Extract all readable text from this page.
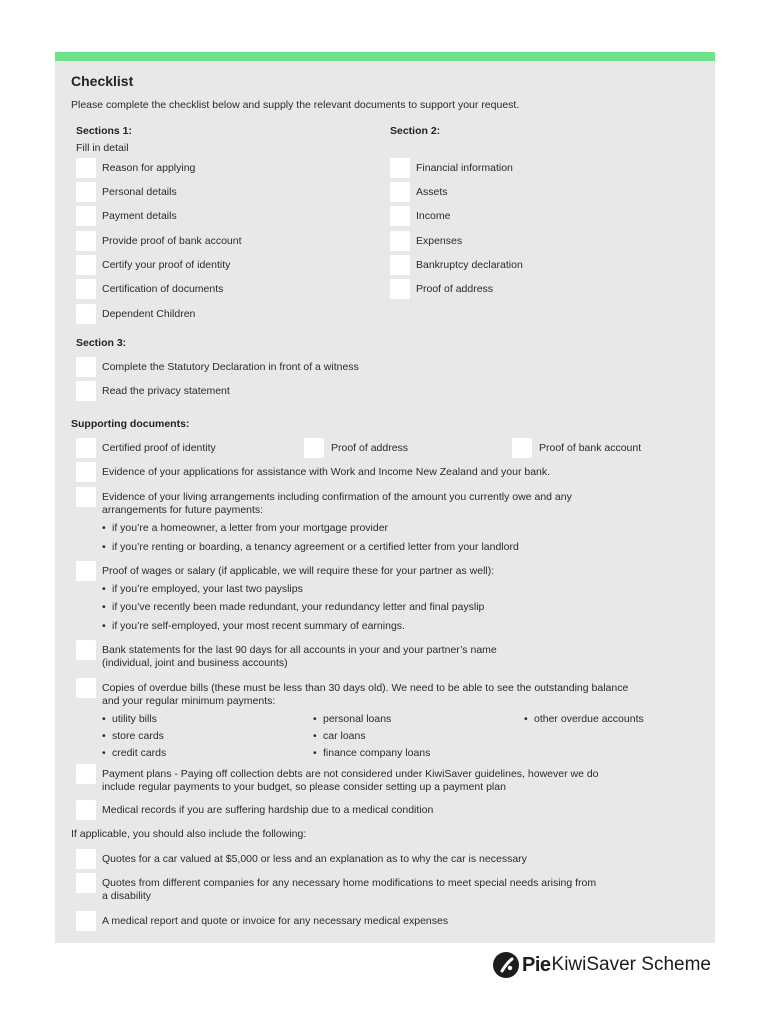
Checklist
Please complete the checklist below and supply the relevant documents to support your request.
Sections 1:
Fill in detail
Reason for applying
Personal details
Payment details
Provide proof of bank account
Certify your proof of identity
Certification of documents
Dependent Children
Section 2:
Financial information
Assets
Income
Expenses
Bankruptcy declaration
Proof of address
Section 3:
Complete the Statutory Declaration in front of a witness
Read the privacy statement
Supporting documents:
Certified proof of identity	Proof of address	Proof of bank account
Evidence of your applications for assistance with Work and Income New Zealand and your bank.
Evidence of your living arrangements including confirmation of the amount you currently owe and any
arrangements for future payments:
• if you’re a homeowner, a letter from your mortgage provider
• if you’re renting or boarding, a tenancy agreement or a certified letter from your landlord
Proof of wages or salary (if applicable, we will require these for your partner as well):
• if you’re employed, your last two payslips
• if you’ve recently been made redundant, your redundancy letter and final payslip
• if you’re self-employed, your most recent summary of earnings.
Bank statements for the last 90 days for all accounts in your and your partner’s name
(individual, joint and business accounts)
Copies of overdue bills (these must be less than 30 days old). We need to be able to see the outstanding balance
and your regular minimum payments:
• utility bills
• store cards
• credit cards
• personal loans
• car loans
• finance company loans
• other overdue accounts
Payment plans - Paying off collection debts are not considered under KiwiSaver guidelines, however we do
include regular payments to your budget, so please consider setting up a payment plan
Medical records if you are suffering hardship due to a medical condition
If applicable, you should also include the following:
Quotes for a car valued at $5,000 or less and an explanation as to why the car is necessary
Quotes from different companies for any necessary home modifications to meet special needs arising from
a disability
A medical report and quote or invoice for any necessary medical expenses
Pie KiwiSaver Scheme
